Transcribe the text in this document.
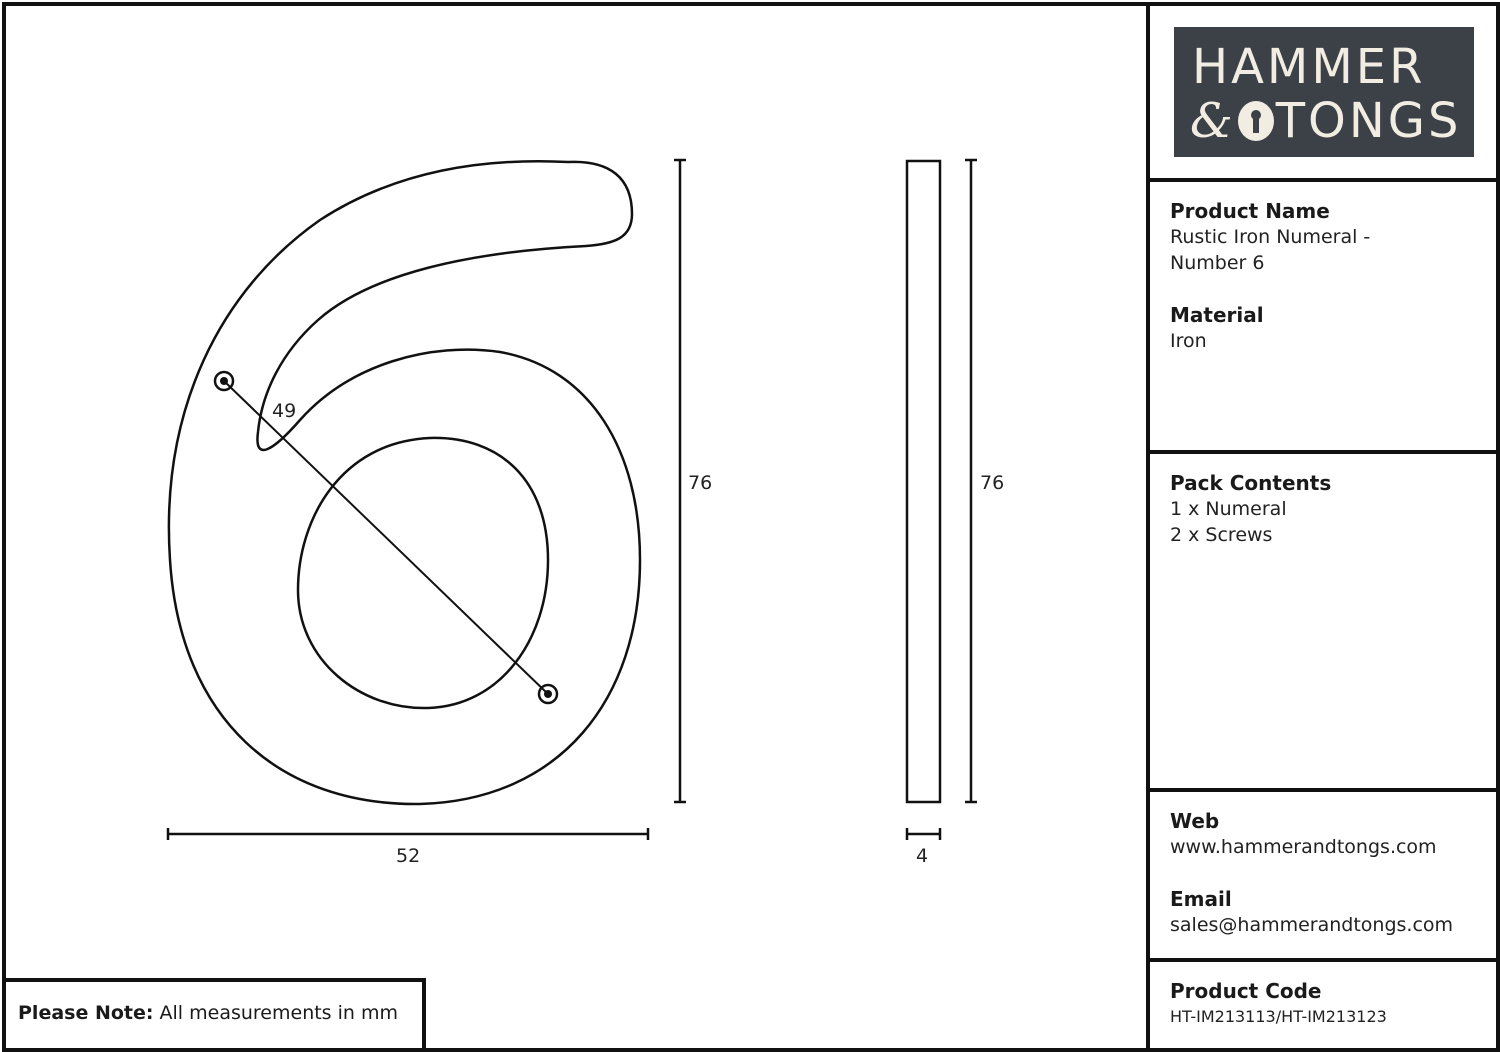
49
76
52
76
4
Please Note: All measurements in mm
HAMMER
& TONGS

Product Name

Rustic Iron Numeral -

Number 6

Material

Iron

Pack Contents

1 x Numeral

2 x Screws

Web

www.hammerandtongs.com

Email

sales@hammerandtongs.com

Product Code

HT-IM213113/HT-IM213123
